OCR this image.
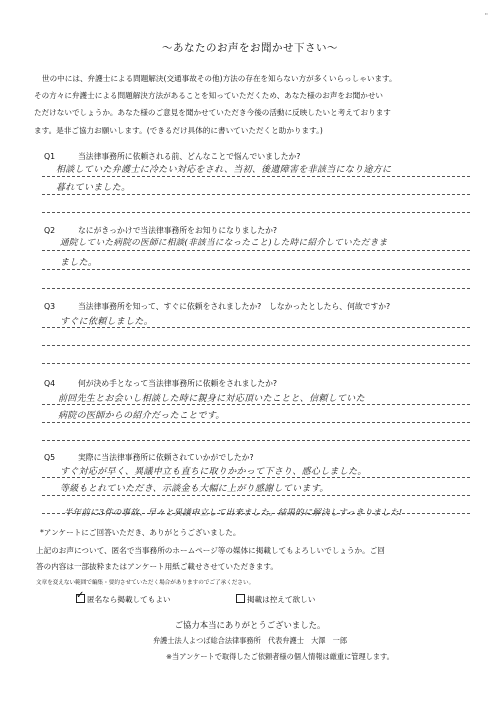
"
〜あなたのお声をお聞かせ下さい〜
世の中には、弁護士による問題解決(交通事故その他)方法の存在を知らない方が多くいらっしゃいます。
その方々に弁護士による問題解決方法があることを知っていただくため、あなた様のお声をお聞かせい
ただけないでしょうか。あなた様のご意見を聞かせていただき今後の活動に反映したいと考えております
ます。是非ご協力お願いします。(できるだけ具体的に書いていただくと助かります。)
Q1	当法律事務所に依頼される前、どんなことで悩んでいましたか?
相談していた弁護士に冷たい対応をされ、当初、後遺障害を非該当になり途方に
暮れていました。
Q2	なにがきっかけで当法律事務所をお知りになりましたか?
通院していた病院の医師に相談(非該当になったこと)した時に紹介していただきま
ました。
Q3	当法律事務所を知って、すぐに依頼をされましたか?　しなかったとしたら、何故ですか?
すぐに依頼しました。
Q4	何が決め手となって当法律事務所に依頼をされましたか?
前回先生とお会いし相談した時に親身に対応頂いたことと、信頼していた
病院の医師からの紹介だったことです。
Q5	実際に当法律事務所に依頼されていかがでしたか?
すぐ対応が早く、異議申立も直ちに取りかかって下さり、感心しました。
等級もとれていただき、示談金も大幅に上がり感謝しています。
半年前に3件の事故、早々と異議申立して出来ました。結果的に解決しすっきりました!
*アンケートにご回答いただき、ありがとうございました。
上記のお声について、匿名で当事務所のホームページ等の媒体に掲載してもよろしいでしょうか。ご回
答の内容は一部抜粋またはアンケート用紙ご載せさせていただきます。
文章を変えない範囲で編集・要約させていただく場合がありますのでご了承ください。
✓匿名なら掲載してもよい	掲載は控えて欲しい
ご協力本当にありがとうございました。
弁護士法人よつば総合法律事務所　代表弁護士　大澤　一郎
※当アンケートで取得したご依頼者様の個人情報は厳重に管理します。
